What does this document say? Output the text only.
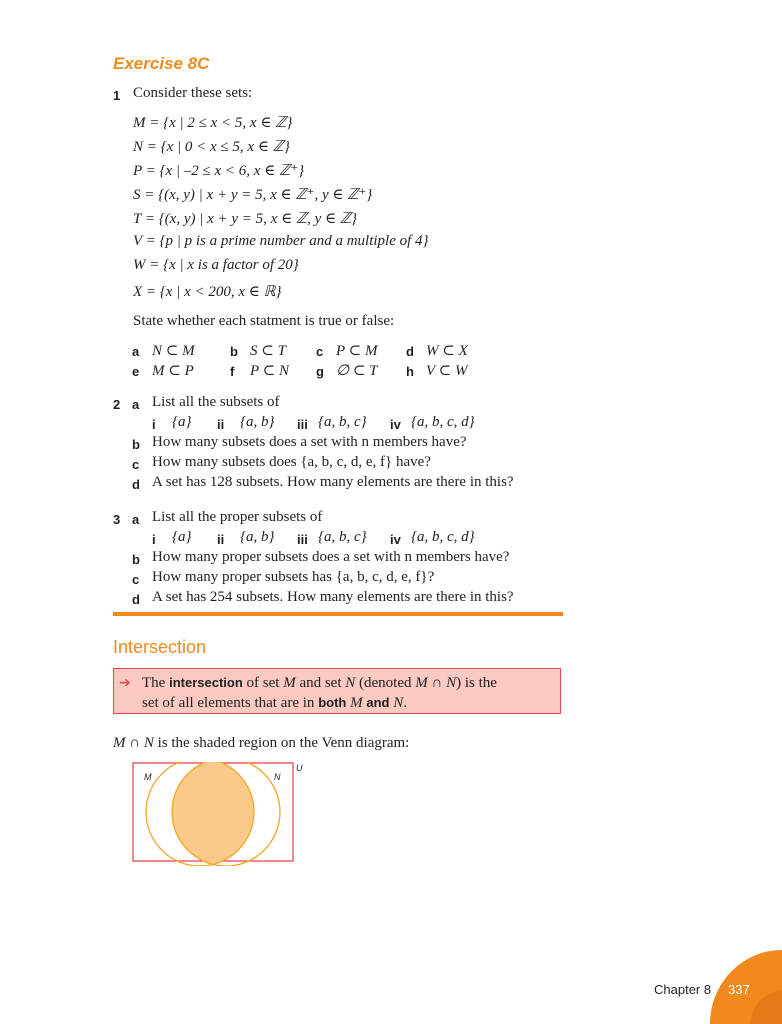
Exercise 8C
1 Consider these sets:
M = {x | 2 ≤ x < 5, x ∈ ℤ}
N = {x | 0 < x ≤ 5, x ∈ ℤ}
P = {x | –2 ≤ x < 6, x ∈ ℤ⁺}
S = {(x, y) | x + y = 5, x ∈ ℤ⁺, y ∈ ℤ⁺}
T = {(x, y) | x + y = 5, x ∈ ℤ, y ∈ ℤ}
V = {p | p is a prime number and a multiple of 4}
W = {x | x is a factor of 20}
X = {x | x < 200, x ∈ ℝ}
State whether each statment is true or false:
a N ⊂ M	b S ⊂ T c P ⊂ M d W ⊂ X
e M ⊂ P	f P ⊂ N g ∅ ⊂ T h V ⊂ W
2 a List all the subsets of
i {a} ii {a, b} iii {a, b, c} iv {a, b, c, d}
b How many subsets does a set with n members have?
c How many subsets does {a, b, c, d, e, f} have?
d A set has 128 subsets. How many elements are there in this?
3 a List all the proper subsets of
i {a} ii {a, b} iii {a, b, c} iv {a, b, c, d}
b How many proper subsets does a set with n members have?
c How many proper subsets has {a, b, c, d, e, f}?
d A set has 254 subsets. How many elements are there in this?
Intersection
➔ The intersection of set M and set N (denoted M ∩ N) is the
set of all elements that are in both M and N.
M ∩ N is the shaded region on the Venn diagram:
M	N
U
Chapter 8 337
